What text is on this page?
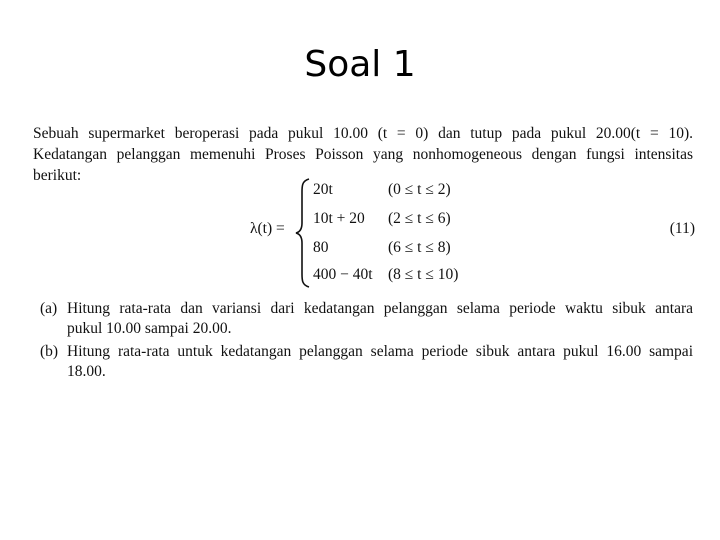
Soal 1
Sebuah supermarket beroperasi pada pukul 10.00 (t = 0) dan tutup pada pukul 20.00(t = 10).
Kedatangan pelanggan memenuhi Proses Poisson yang nonhomogeneous dengan fungsi intensitas
berikut:
λ(t) =
20t	(0 ≤ t ≤ 2)
10t + 20 (2 ≤ t ≤ 6)
80	(6 ≤ t ≤ 8)
400 − 40t (8 ≤ t ≤ 10)
(11)
(a) Hitung rata-rata dan variansi dari kedatangan pelanggan selama periode waktu sibuk antara
pukul 10.00 sampai 20.00.
(b) Hitung rata-rata untuk kedatangan pelanggan selama periode sibuk antara pukul 16.00 sampai
18.00.
